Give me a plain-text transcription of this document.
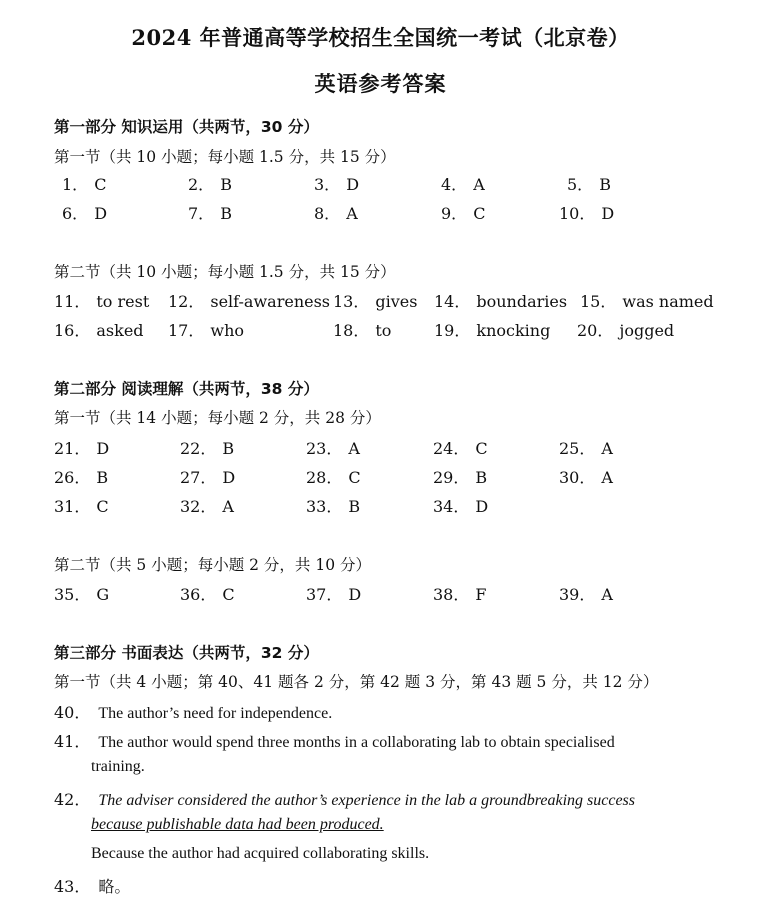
2024 年普通高等学校招生全国统一考试（北京卷）
英语参考答案
第一部分 知识运用（共两节，30 分）
第一节（共 10 小题；每小题 1.5 分，共 15 分）
1． C	2． B	3． D	4． A	5． B
6． D	7． B	8． A	9． C	10． D
第二节（共 10 小题；每小题 1.5 分，共 15 分）
11． to rest 12． self-awareness 13． gives 14． boundaries 15． was named
16． asked 17． who	18． to	19． knocking 20． jogged
第二部分 阅读理解（共两节，38 分）
第一节（共 14 小题；每小题 2 分，共 28 分）
21． D	22． B	23． A	24． C	25． A
26． B	27． D	28． C	29． B	30． A
31． C	32． A	33． B	34． D
第二节（共 5 小题；每小题 2 分，共 10 分）
35． G	36． C	37． D	38． F	39． A
第三部分 书面表达（共两节，32 分）
第一节（共 4 小题；第 40、41 题各 2 分，第 42 题 3 分，第 43 题 5 分，共 12 分）
40． The author’s need for independence.
41． The author would spend three months in a collaborating lab to obtain specialised
training.
42． The adviser considered the author’s experience in the lab a groundbreaking success
because publishable data had been produced.
Because the author had acquired collaborating skills.
43． 略。
